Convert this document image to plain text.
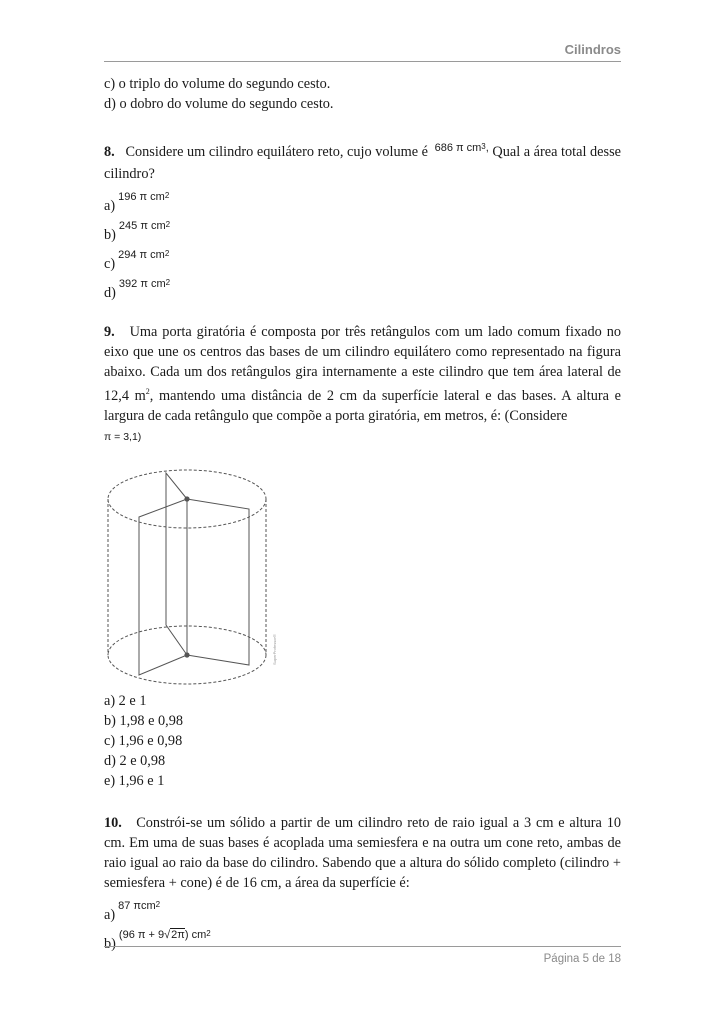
Cilindros
c) o triplo do volume do segundo cesto.
d) o dobro do volume do segundo cesto.
8. Considere um cilindro equilátero reto, cujo volume é $^{686 \pi cm^3,}$ Qual a área total desse cilindro?
a)$^{196 \pi cm^2}$
b)$^{245 \pi cm^2}$
c)$^{294 \pi cm^2}$
d)$^{392 \pi cm^2}$
9. Uma porta giratória é composta por três retângulos com um lado comum fixado no eixo que une os centros das bases de um cilindro equilátero como representado na figura abaixo. Cada um dos retângulos gira internamente a este cilindro que tem área lateral de 12,4 $m^2$, mantendo uma distância de 2 cm da superfície lateral e das bases. A altura e largura de cada retângulo que compõe a porta giratória, em metros, é: (Considere
π = 3,1)
SuperProfessor®
a) 2 e 1
b) 1,98 e 0,98
c) 1,96 e 0,98
d) 2 e 0,98
e) 1,96 e 1
10. Constrói-se um sólido a partir de um cilindro reto de raio igual a 3 cm e altura 10 cm. Em uma de suas bases é acoplada uma semiesfera e na outra um cone reto, ambas de raio igual ao raio da base do cilindro. Sabendo que a altura do sólido completo (cilindro + semiesfera + cone) é de 16 cm, a área da superfície é:
a)$^{87 \pi cm^2}$
b)$^{(96 \pi + 9√2\pi) cm^2}$
Página 5 de 18
